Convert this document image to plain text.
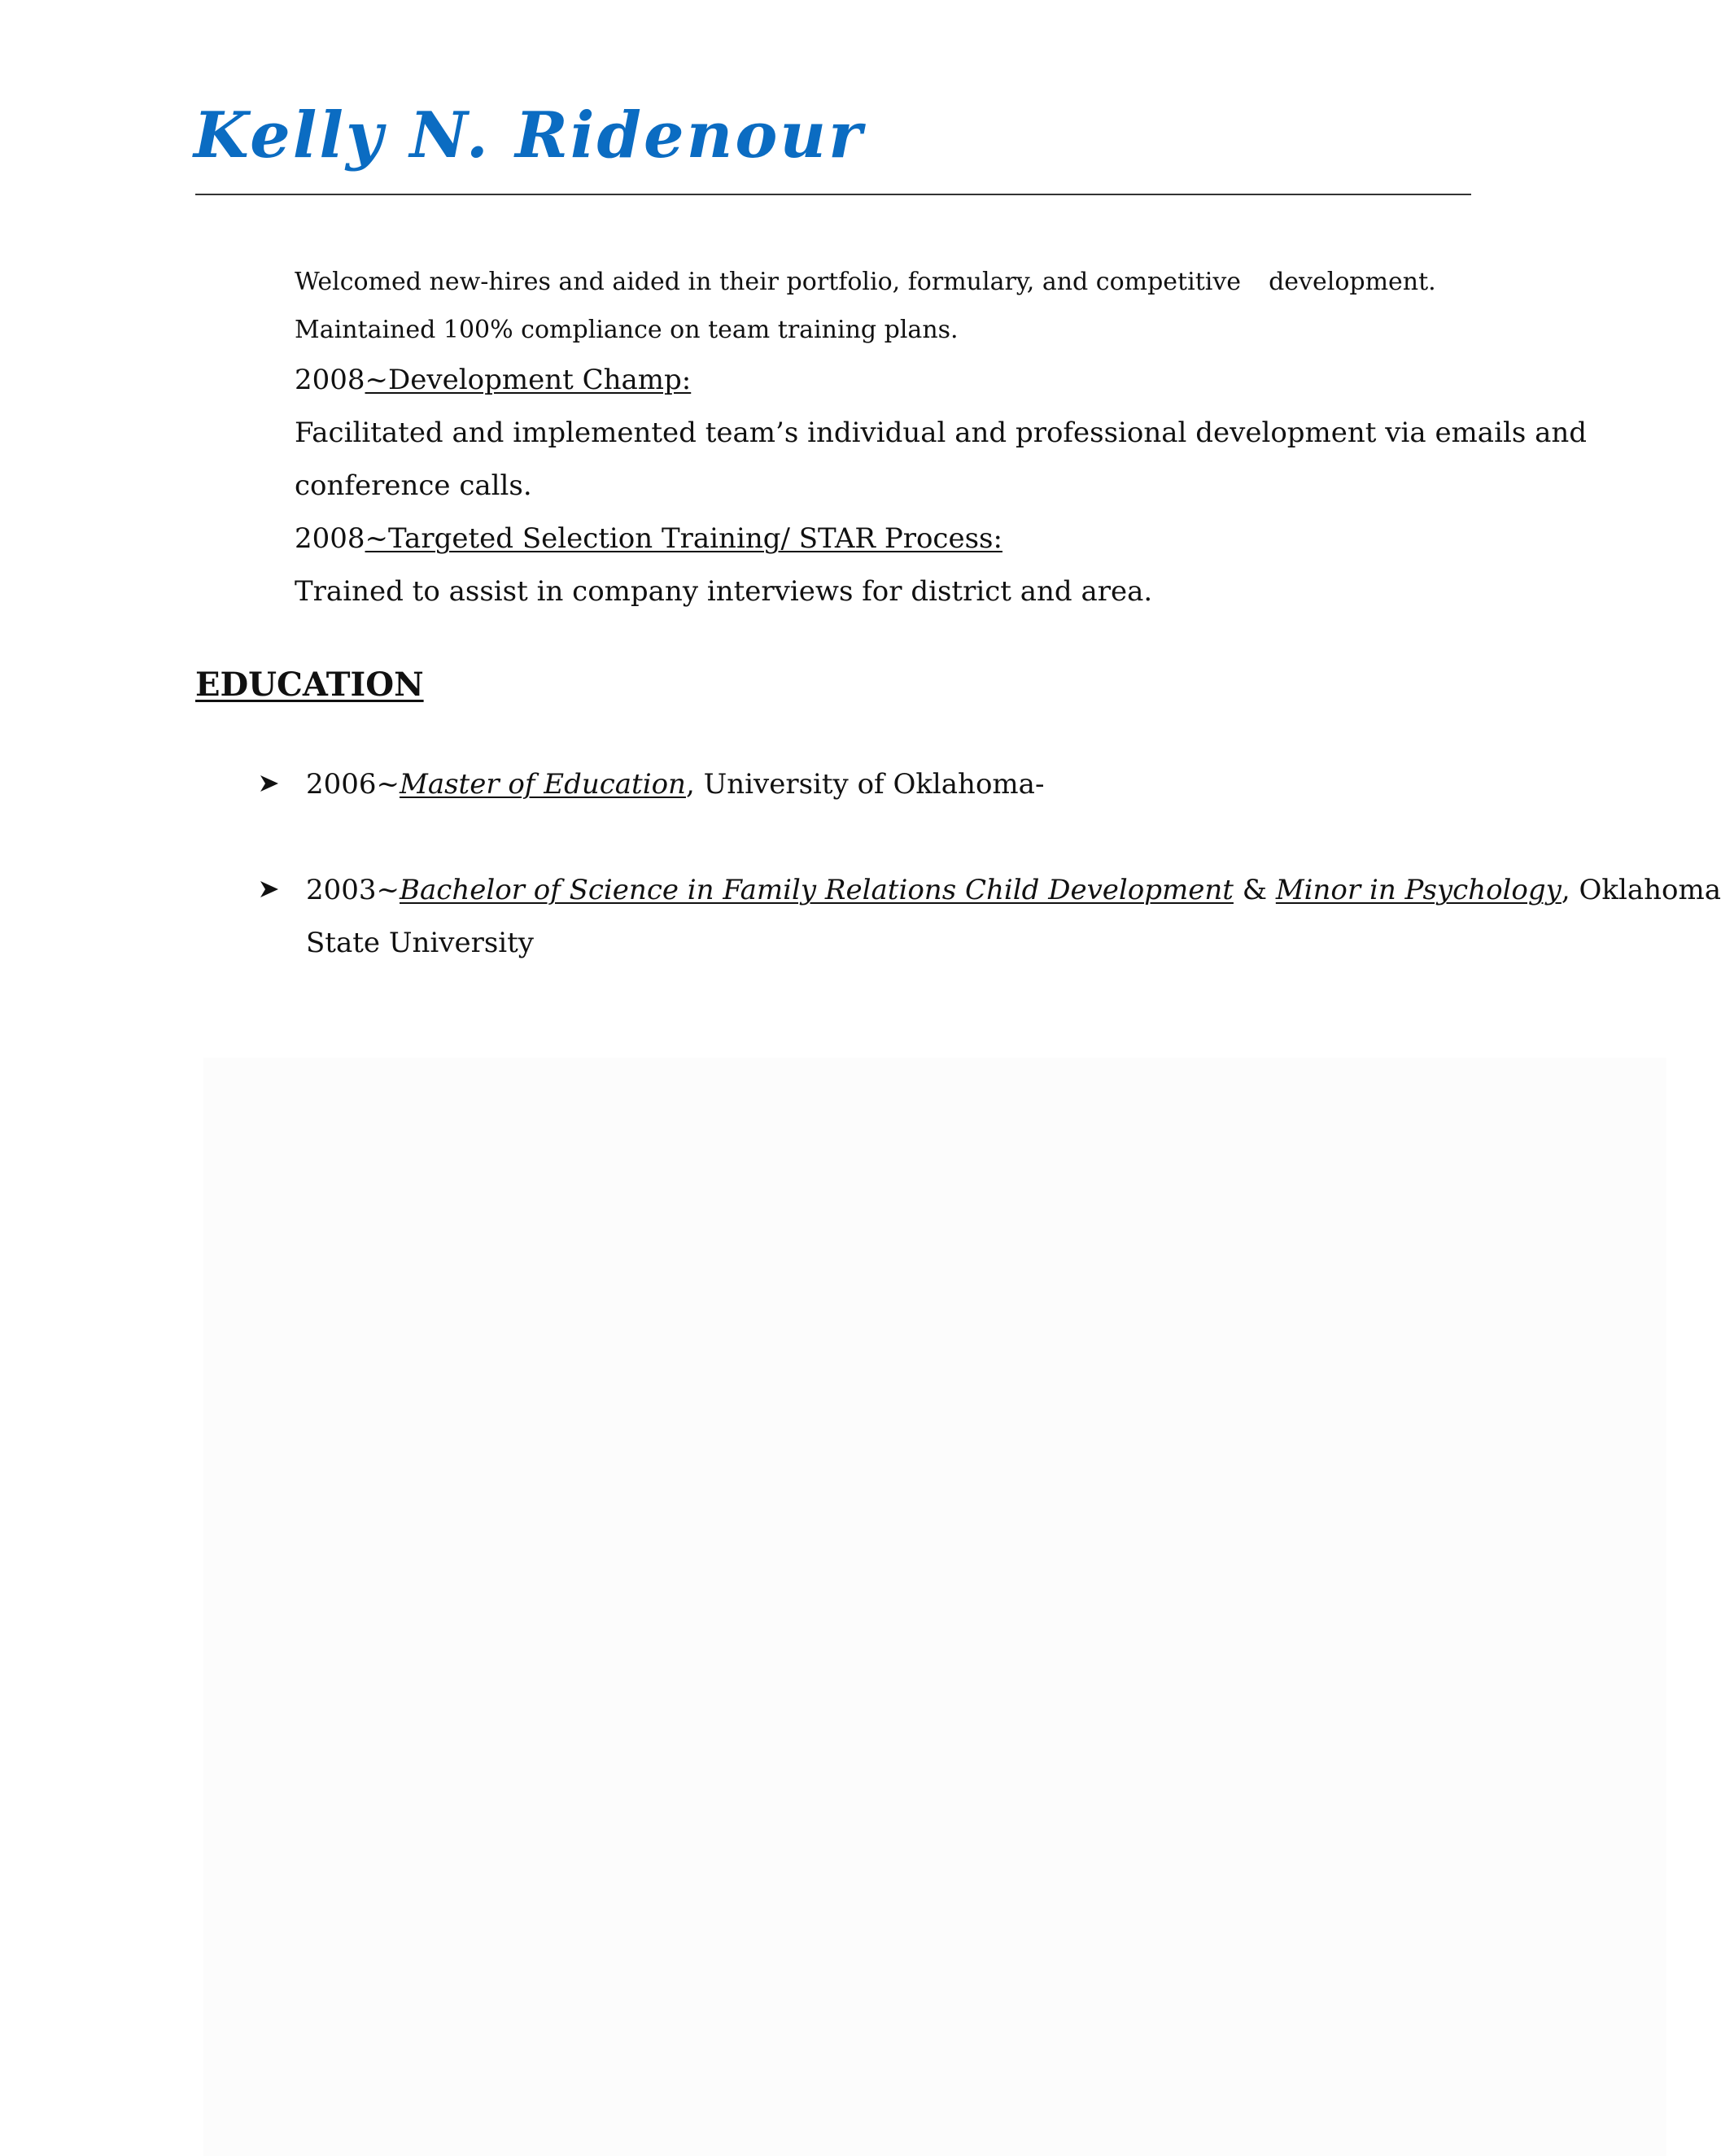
Kelly N. Ridenour
Welcomed new-hires and aided in their portfolio, formulary, and competitive development.
Maintained 100% compliance on team training plans.
2008~Development Champ:
Facilitated and implemented team’s individual and professional development via emails and
conference calls.
2008~Targeted Selection Training/ STAR Process:
Trained to assist in company interviews for district and area.
EDUCATION
2006~Master of Education, University of Oklahoma-
2003~Bachelor of Science in Family Relations Child Development & Minor in Psychology, Oklahoma
State University
